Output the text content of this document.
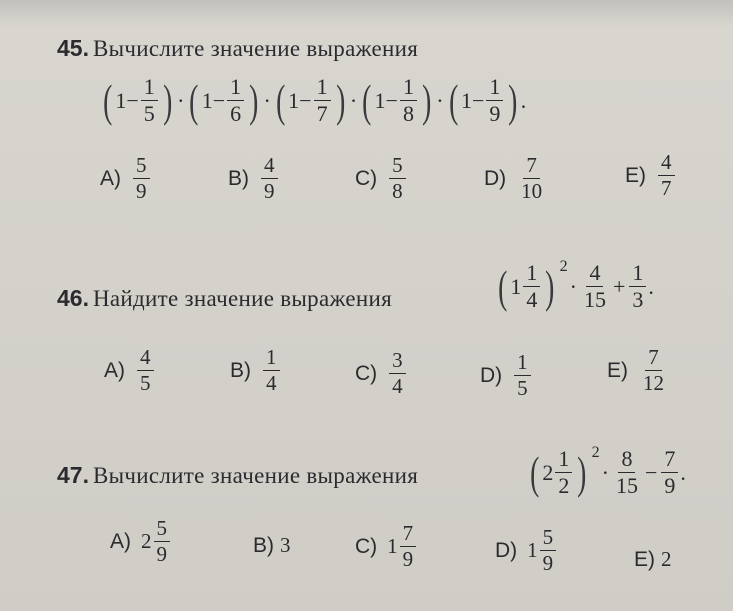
45. Вычислите значение выражения
( $1 - \frac{1}{5}$ ) · ( $1 - \frac{1}{6}$ ) · ( $1 - \frac{1}{7}$ ) · ( $1 - \frac{1}{8}$ ) · ( $1 - \frac{1}{9}$ ) .
$A) \frac{5}{9}$	$B) \frac{4}{9}$	$C) \frac{5}{8}$	$D) \frac{7}{10}$	$E) \frac{4}{7}$
46. Найдите значение выражения ( $1 \frac{1}{4}$ ) $^2$
· $\frac{4}{15} + \frac{1}{3}$ .
$A) \frac{4}{5}$	$B) \frac{1}{4}$	$C) \frac{3}{4}$	$D) \frac{1}{5}$	$E) \frac{7}{12}$
47. Вычислите значение выражения ( $2 \frac{1}{2}$ ) $^2$
· $\frac{8}{15} - \frac{7}{9}$ .
A) $2 \frac{5}{9}$	B) 3	C) $1 \frac{7}{9}$	D) $1 \frac{5}{9}$	E) 2
